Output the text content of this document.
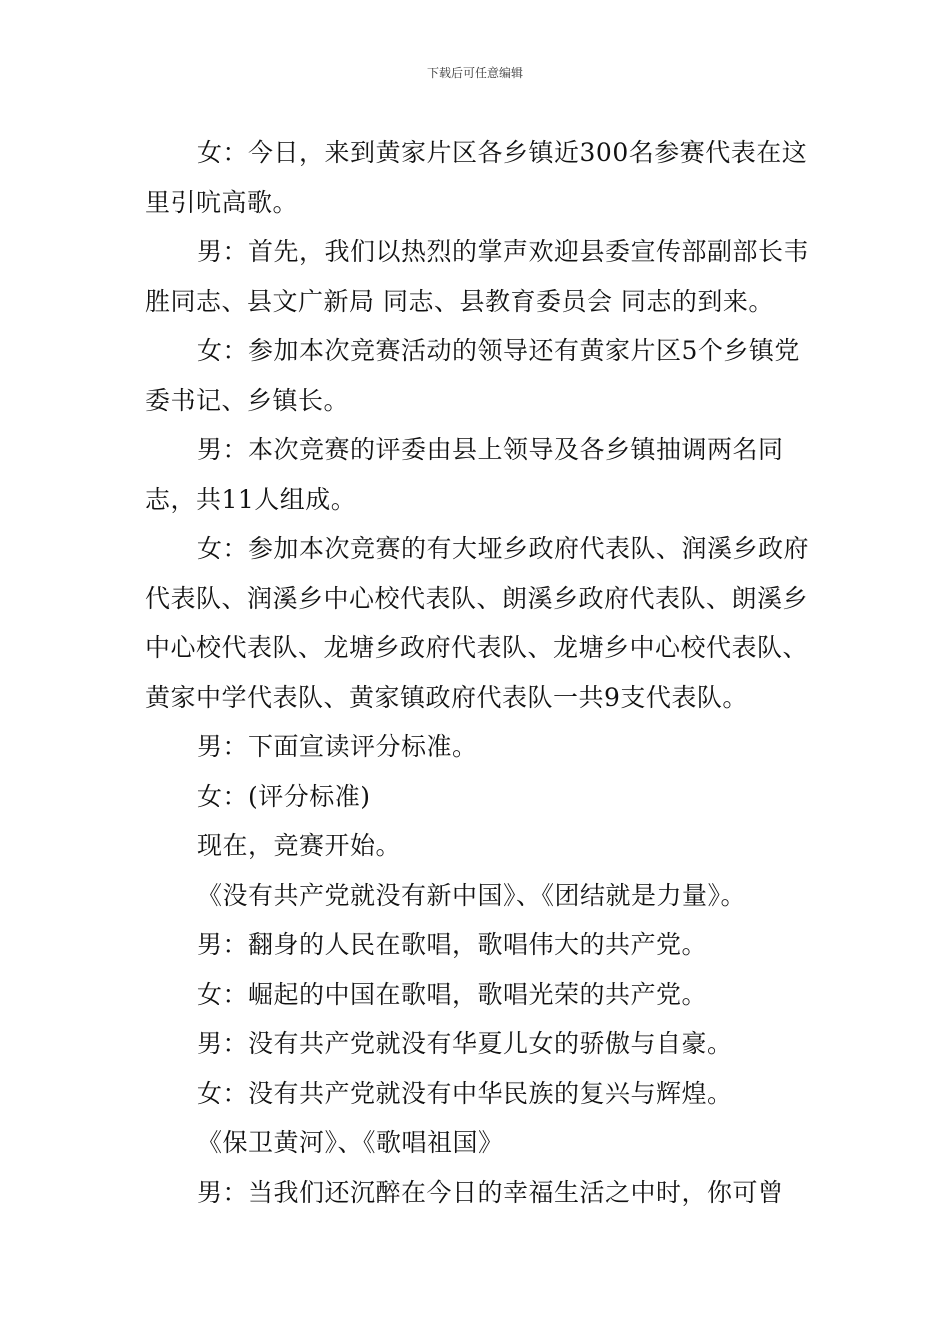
下载后可任意编辑

女：今日，来到黄家片区各乡镇近300名参赛代表在这里引吭高歌。

男：首先，我们以热烈的掌声欢迎县委宣传部副部长韦胜同志、县文广新局 同志、县教育委员会 同志的到来。

女：参加本次竞赛活动的领导还有黄家片区5个乡镇党委书记、乡镇长。

男：本次竞赛的评委由县上领导及各乡镇抽调两名同志，共11人组成。

女：参加本次竞赛的有大垭乡政府代表队、润溪乡政府代表队、润溪乡中心校代表队、朗溪乡政府代表队、朗溪乡中心校代表队、龙塘乡政府代表队、龙塘乡中心校代表队、黄家中学代表队、黄家镇政府代表队一共9支代表队。

男：下面宣读评分标准。

女：(评分标准)

现在，竞赛开始。

《没有共产党就没有新中国》、《团结就是力量》。

男：翻身的人民在歌唱，歌唱伟大的共产党。

女：崛起的中国在歌唱，歌唱光荣的共产党。

男：没有共产党就没有华夏儿女的骄傲与自豪。

女：没有共产党就没有中华民族的复兴与辉煌。

《保卫黄河》、《歌唱祖国》

男：当我们还沉醉在今日的幸福生活之中时，你可曾
